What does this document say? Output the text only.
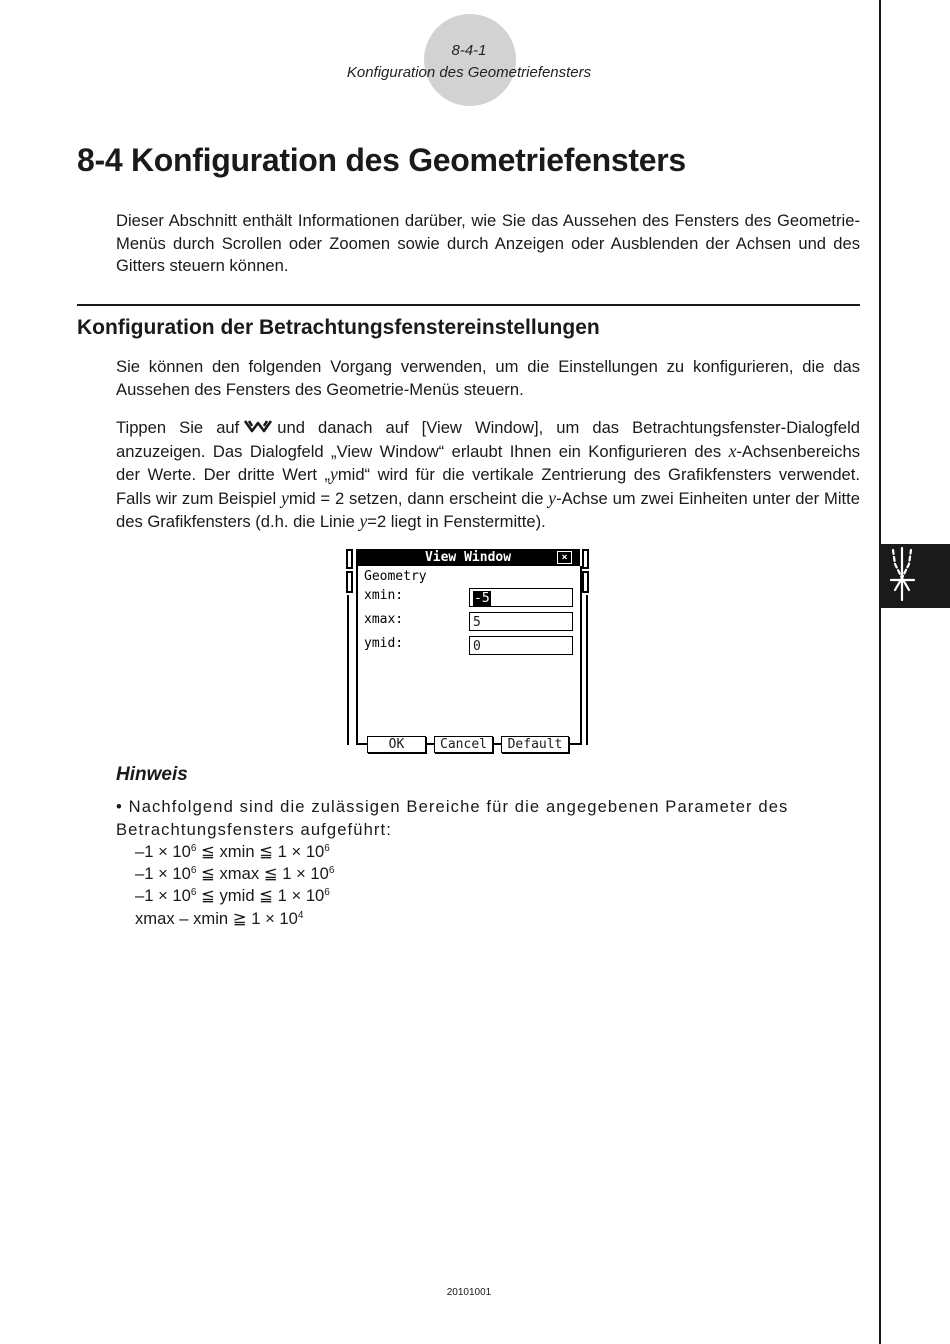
8-4-1
Konfiguration des Geometriefensters
8-4 Konfiguration des Geometriefensters

Dieser Abschnitt enthält Informationen darüber, wie Sie das Aussehen des Fensters des Geometrie-Menüs durch Scrollen oder Zoomen sowie durch Anzeigen oder Ausblenden der Achsen und des Gitters steuern können.

Konfiguration der Betrachtungsfenstereinstellungen

Sie können den folgenden Vorgang verwenden, um die Einstellungen zu konfigurieren, die das Aussehen des Fensters des Geometrie-Menüs steuern.

Tippen Sie auf und danach auf [View Window], um das Betrachtungsfenster-Dialogfeld anzuzeigen. Das Dialogfeld „View Window“ erlaubt Ihnen ein Konfigurieren des x-Achsenbereichs der Werte. Der dritte Wert „ymid“ wird für die vertikale Zentrierung des Grafikfensters verwendet. Falls wir zum Beispiel ymid = 2 setzen, dann erscheint die y-Achse um zwei Einheiten unter der Mitte des Grafikfensters (d.h. die Linie y=2 liegt in Fenstermitte).

View Window	×
Geometry
xmin:	-5
xmax:	5
ymid:	0
OK	Cancel	Default
Hinweis

• Nachfolgend sind die zulässigen Bereiche für die angegebenen Parameter des Betrachtungsfensters aufgeführt:

$-1 \times 10^6$ ≦ xmin ≦ $1 \times 10^6$
$-1 \times 10^6$ ≦ xmax ≦ $1 \times 10^6$
$-1 \times 10^6$ ≦ ymid ≦ $1 \times 10^6$
xmax – xmin ≧ $1 \times 10^4$
20101001
